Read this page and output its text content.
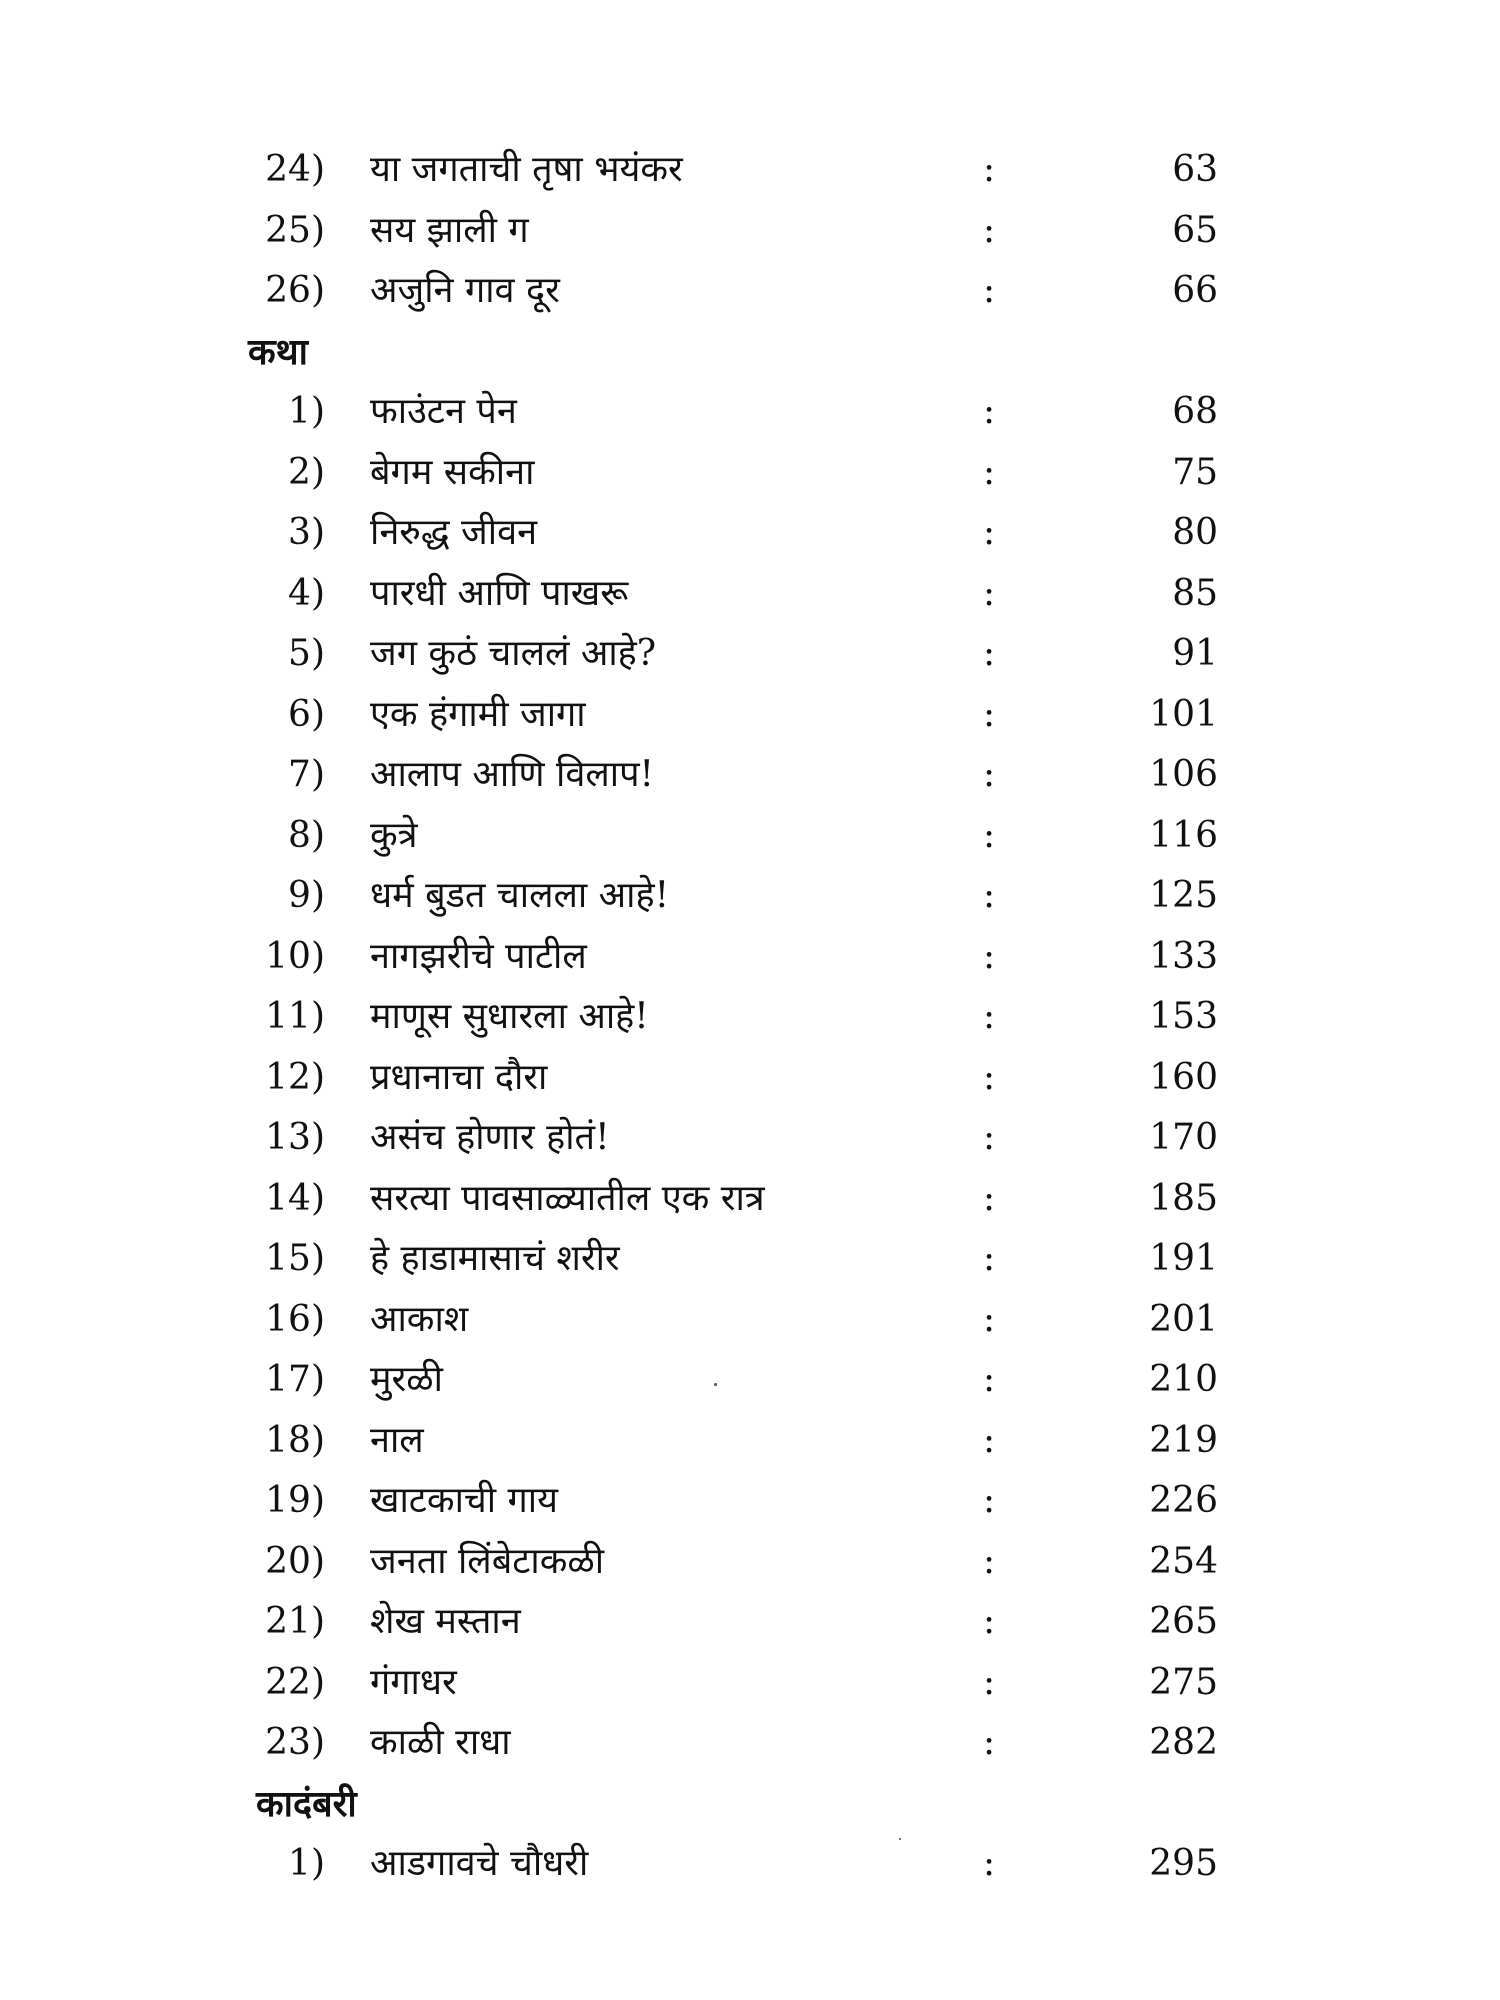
24) या जगताची तृषा भयंकर	:	63
25) सय झाली ग	:	65
26) अजुनि गाव दूर	:	66
कथा
1) फाउंटन पेन	:	68
2) बेगम सकीना	:	75
3) निरुद्ध जीवन	:	80
4) पारधी आणि पाखरू	:	85
5) जग कुठं चाललं आहे?	:	91
6) एक हंगामी जागा	:	101
7) आलाप आणि विलाप!	:	106
8) कुत्रे	:	116
9) धर्म बुडत चालला आहे!	:	125
10) नागझरीचे पाटील	:	133
11) माणूस सुधारला आहे!	:	153
12) प्रधानाचा दौरा	:	160
13) असंच होणार होतं!	:	170
14) सरत्या पावसाळ्यातील एक रात्र	:	185
15) हे हाडामासाचं शरीर	:	191
16) आकाश	:	201
17) मुरळी	:	210
18) नाल	:	219
19) खाटकाची गाय	:	226
20) जनता लिंबेटाकळी	:	254
21) शेख मस्तान	:	265
22) गंगाधर	:	275
23) काळी राधा	:	282
कादंबरी
1) आडगावचे चौधरी	:	295
